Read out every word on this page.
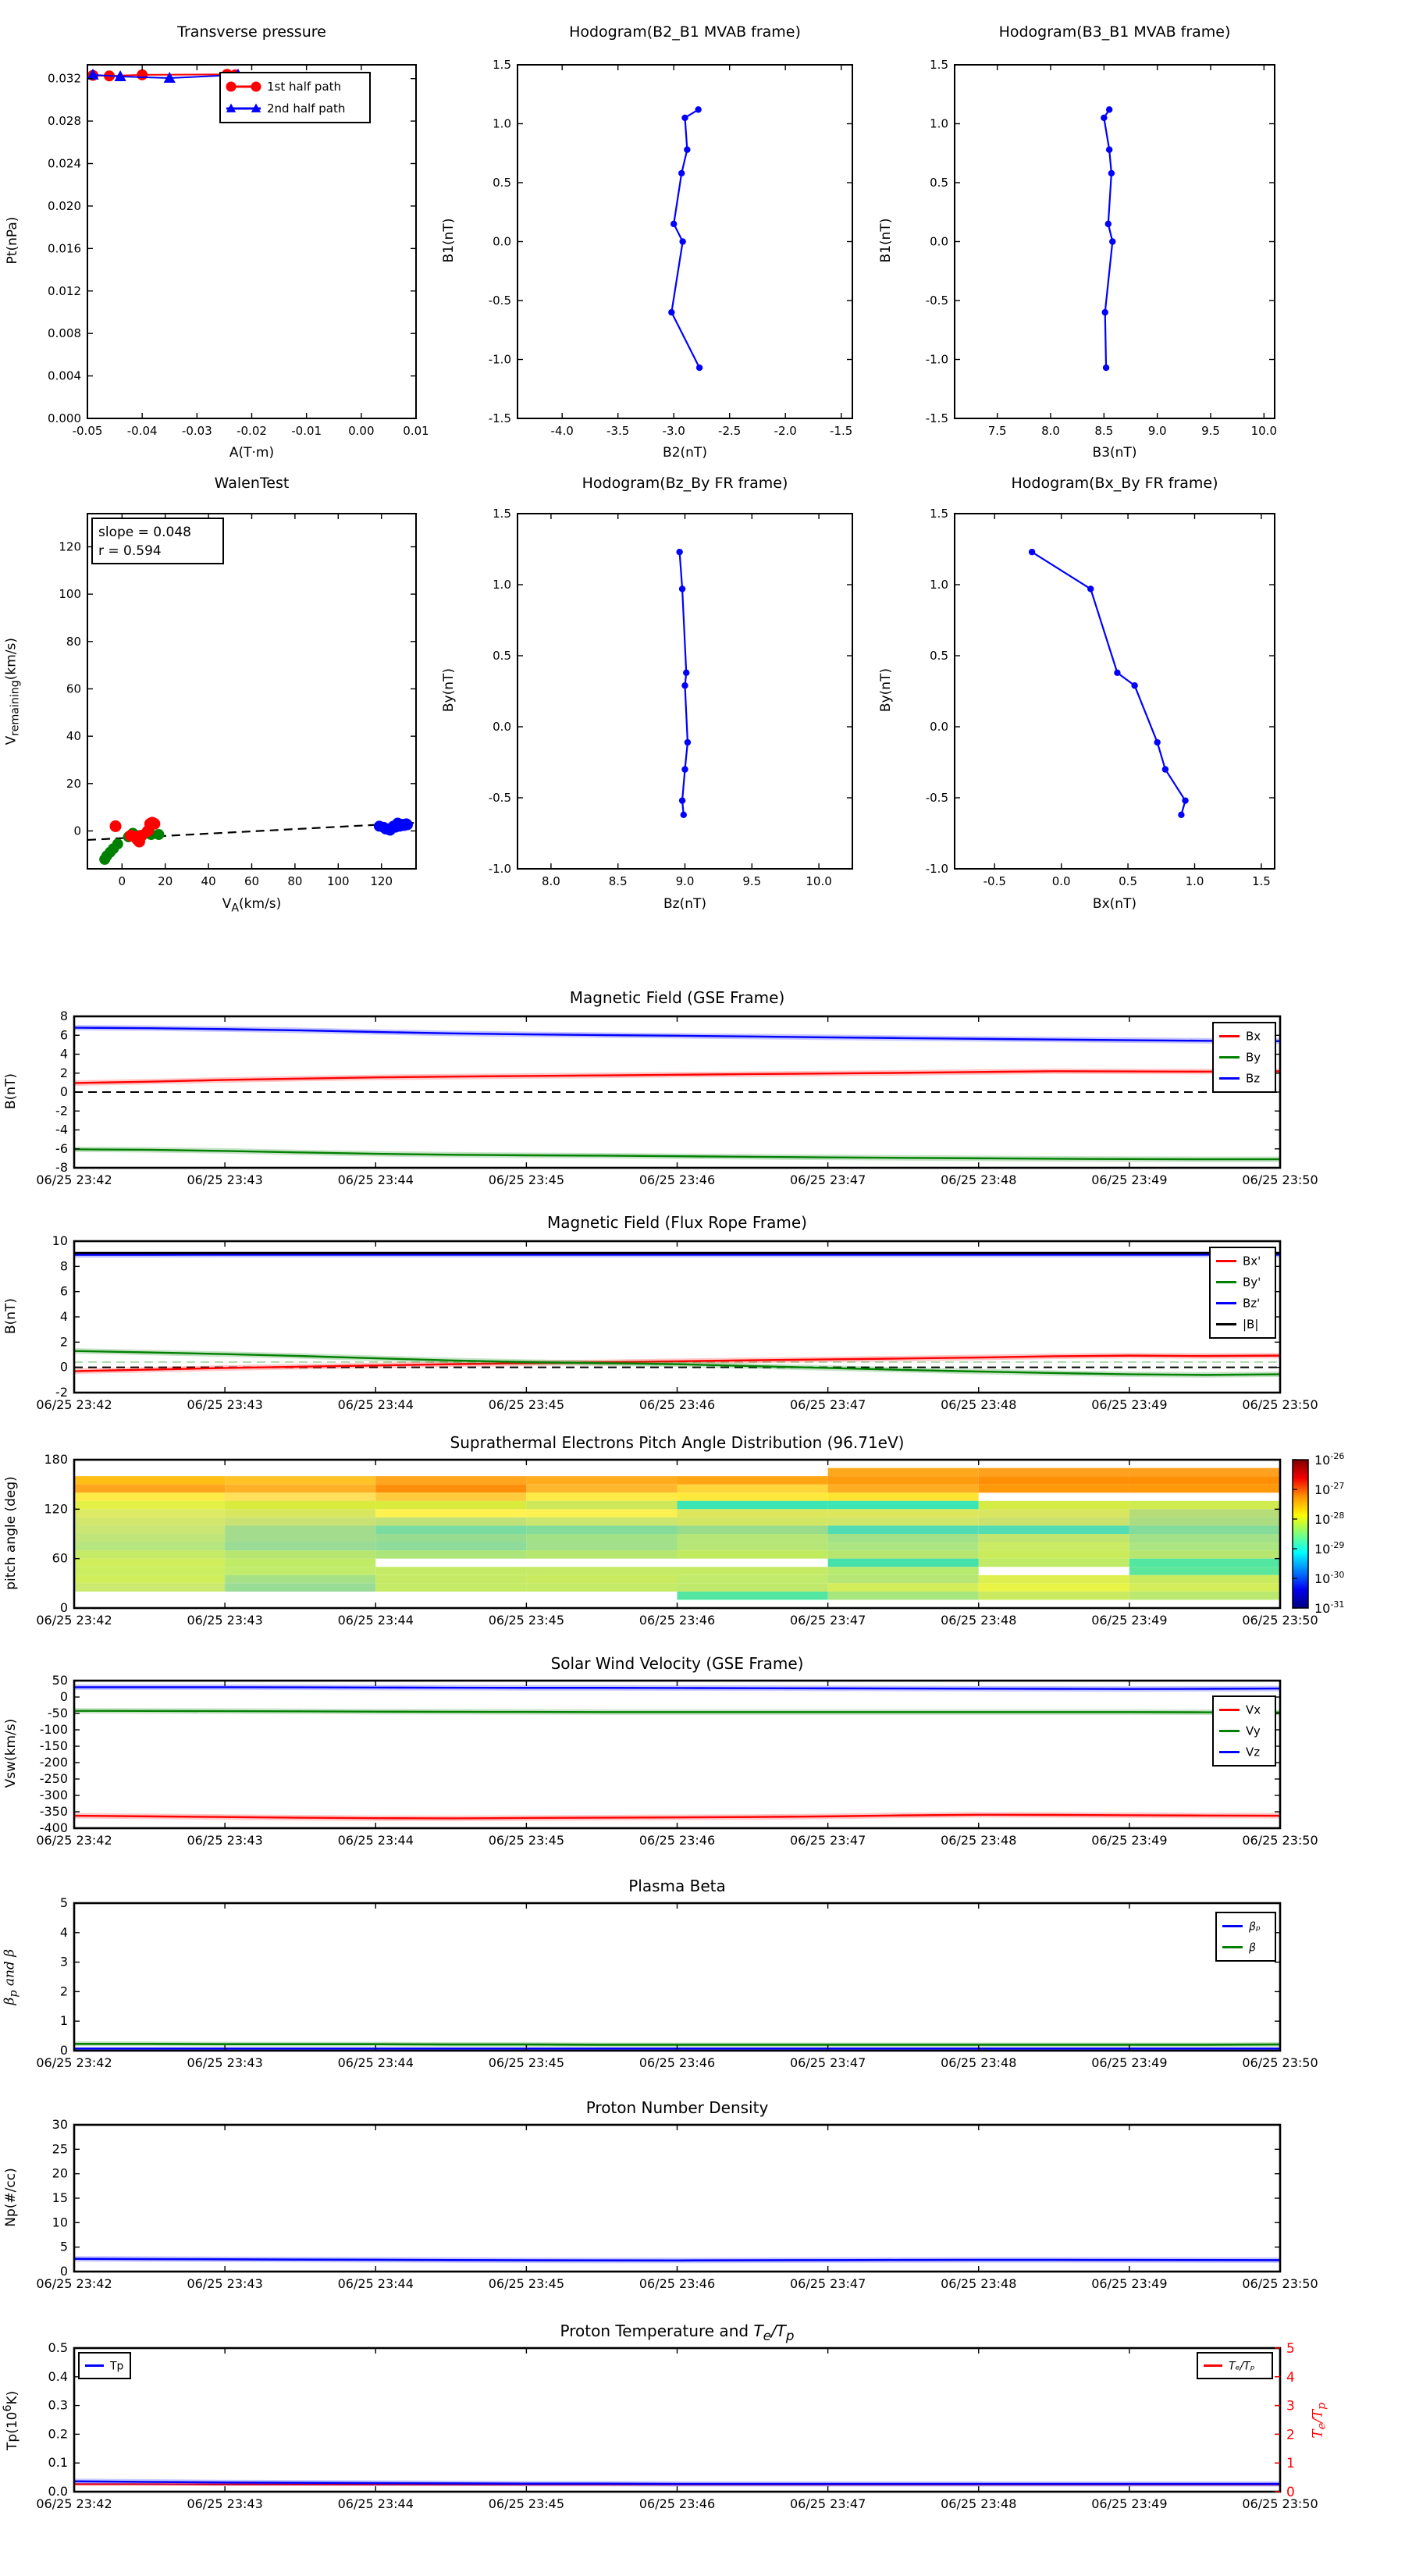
Transverse pressure
Pt(nPa)
-0.05 -0.04 -0.03 -0.02 -0.01 0.00 0.01
0.000
0.004
0.008
0.012
0.016
0.020
0.024
0.028
0.032
1st half path
2nd half path
A(T·m)
Hodogram(B2_B1 MVAB frame)
B1(nT)
-4.0	-3.5	-3.0	-2.5	-2.0	-1.5
-1.5
-1.0
-0.5
0.0
0.5
1.0
1.5
B2(nT)
Hodogram(B3_B1 MVAB frame)
B1(nT)
7.5	8.0	8.5	9.0	9.5	10.0
-1.5
-1.0
-0.5
0.0
0.5
1.0
1.5
B3(nT)
WalenTest
$V_{remaining}(km/s)$
0	20 40 60 80 100 120
0
20
40
60
80
100
120
slope = 0.048
r = 0.594
$V_A(km/s)$
Hodogram(Bz_By FR frame)
By(nT)
8.0	8.5	9.0	9.5	10.0
-1.0
-0.5
0.0
0.5
1.0
1.5
Bz(nT)
Hodogram(Bx_By FR frame)
By(nT)
-0.5	0.0	0.5	1.0	1.5
-1.0
-0.5
0.0
0.5
1.0
1.5
Bx(nT)
Magnetic Field (GSE Frame)
B(nT)
06/25 23:42	06/25 23:43	06/25 23:44	06/25 23:45	06/25 23:46	06/25 23:47	06/25 23:48	06/25 23:49	06/25 23:50
-8
-6
-4
-2
0
2
4
6
8
Bx
By
Bz
Magnetic Field (Flux Rope Frame)
B(nT)
06/25 23:42	06/25 23:43	06/25 23:44	06/25 23:45	06/25 23:46	06/25 23:47	06/25 23:48	06/25 23:49	06/25 23:50
-2
0
2
4
6
8
10
Bx'
By'
Bz'
|B|
Suprathermal Electrons Pitch Angle Distribution (96.71eV)
pitch angle (deg)
06/25 23:42	06/25 23:43	06/25 23:44	06/25 23:45	06/25 23:46	06/25 23:47	06/25 23:48	06/25 23:49	06/25 23:50
0
60
120
180	$10^{-26}$
$10^{-27}$
$10^{-28}$
$10^{-29}$
$10^{-30}$
$10^{-31}$
Solar Wind Velocity (GSE Frame)
Vsw(km/s)
06/25 23:42	06/25 23:43	06/25 23:44	06/25 23:45	06/25 23:46	06/25 23:47	06/25 23:48	06/25 23:49	06/25 23:50
-400
-350
-300
-250
-200
-150
-100
-50
0
50
Vx
Vy
Vz
Plasma Beta
$\beta_p$ and β
06/25 23:42	06/25 23:43	06/25 23:44	06/25 23:45	06/25 23:46	06/25 23:47	06/25 23:48	06/25 23:49	06/25 23:50
0
1
2
3
4
5
βₚ
β
Proton Number Density
Np(#/cc)
06/25 23:42	06/25 23:43	06/25 23:44	06/25 23:45	06/25 23:46	06/25 23:47	06/25 23:48	06/25 23:49	06/25 23:50
0
5
10
15
20
25
30
Proton Temperature and $T_e/T_p$
$Tp(10^6K)$
$T_e/T_p$
06/25 23:42	06/25 23:43	06/25 23:44	06/25 23:45	06/25 23:46	06/25 23:47	06/25 23:48	06/25 23:49	06/25 23:50
0.0
0.1
0.2
0.3
0.4
0.5
0
1
2
3
4
5
Tp	Tₑ/Tₚ
